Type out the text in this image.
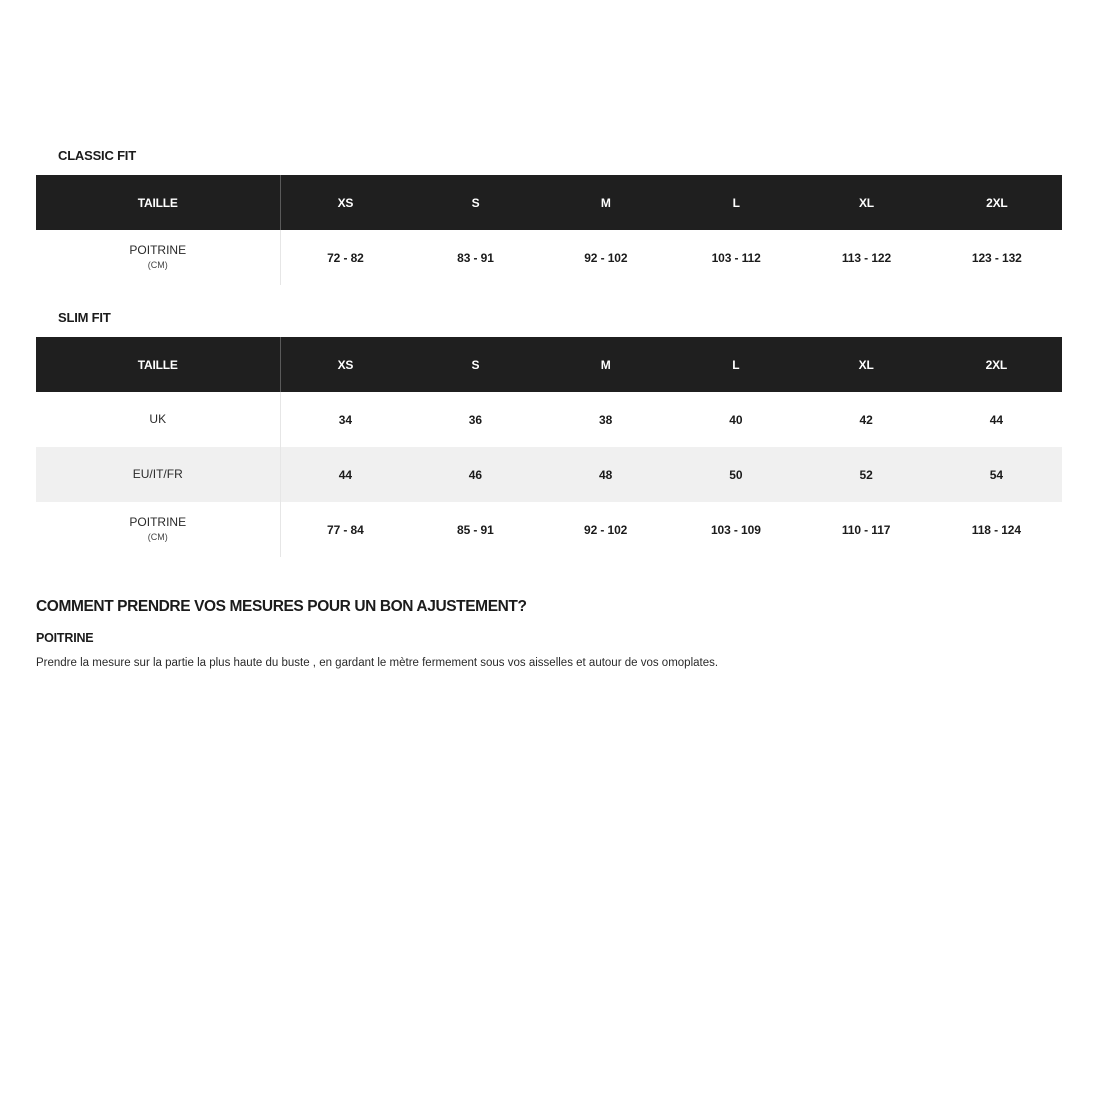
CLASSIC FIT
TAILLE	XS	S	M	L	XL	2XL

POITRINE
(CM)	72 - 82	83 - 91	92 - 102	103 - 112	113 - 122	123 - 132
SLIM FIT
TAILLE	XS	S	M	L	XL	2XL

UK	34	36	38	40	42	44

EU/IT/FR	44	46	48	50	52	54

POITRINE
(CM)	77 - 84	85 - 91	92 - 102	103 - 109	110 - 117	118 - 124
COMMENT PRENDRE VOS MESURES POUR UN BON AJUSTEMENT?
POITRINE

Prendre la mesure sur la partie la plus haute du buste , en gardant le mètre fermement sous vos aisselles et autour de vos omoplates.
